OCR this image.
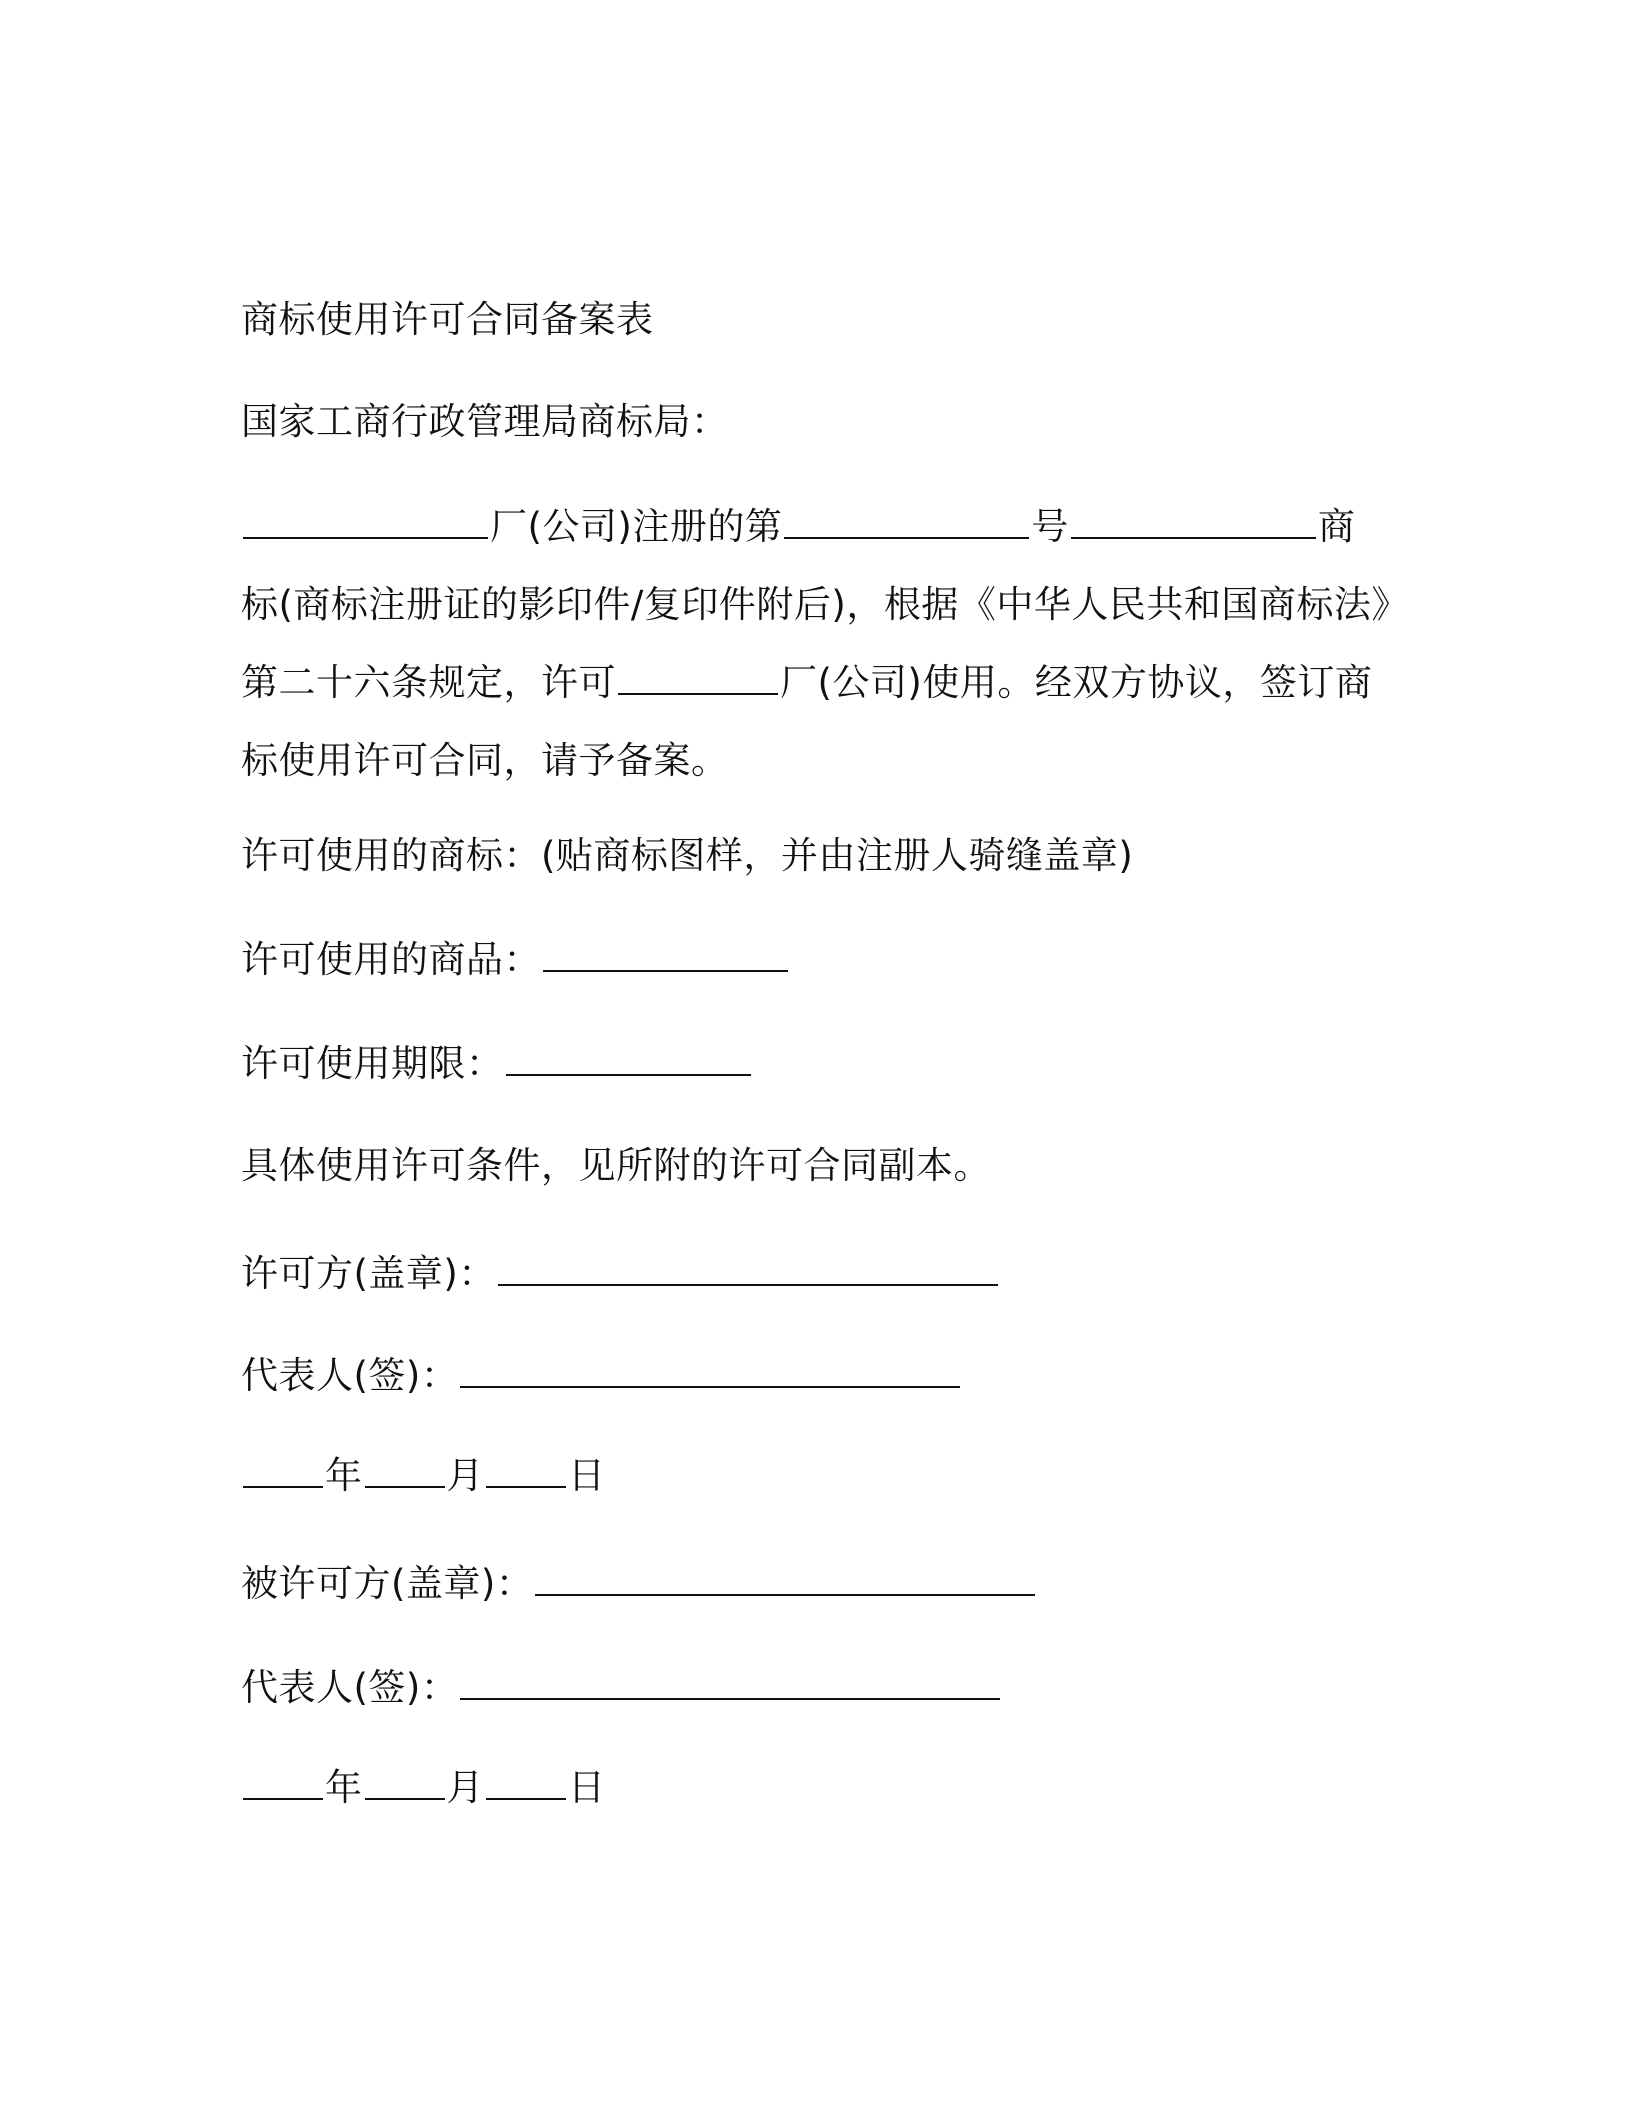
商标使用许可合同备案表
国家工商行政管理局商标局：
厂(公司)注册的第	号	商
标(商标注册证的影印件/复印件附后)，根据《中华人民共和国商标法》
第二十六条规定，许可	厂(公司)使用。经双方协议，签订商
标使用许可合同，请予备案。
许可使用的商标：(贴商标图样，并由注册人骑缝盖章)
许可使用的商品：
许可使用期限：
具体使用许可条件，见所附的许可合同副本。
许可方(盖章)：
代表人(签)：
年 月 日
被许可方(盖章)：
代表人(签)：
年 月 日
